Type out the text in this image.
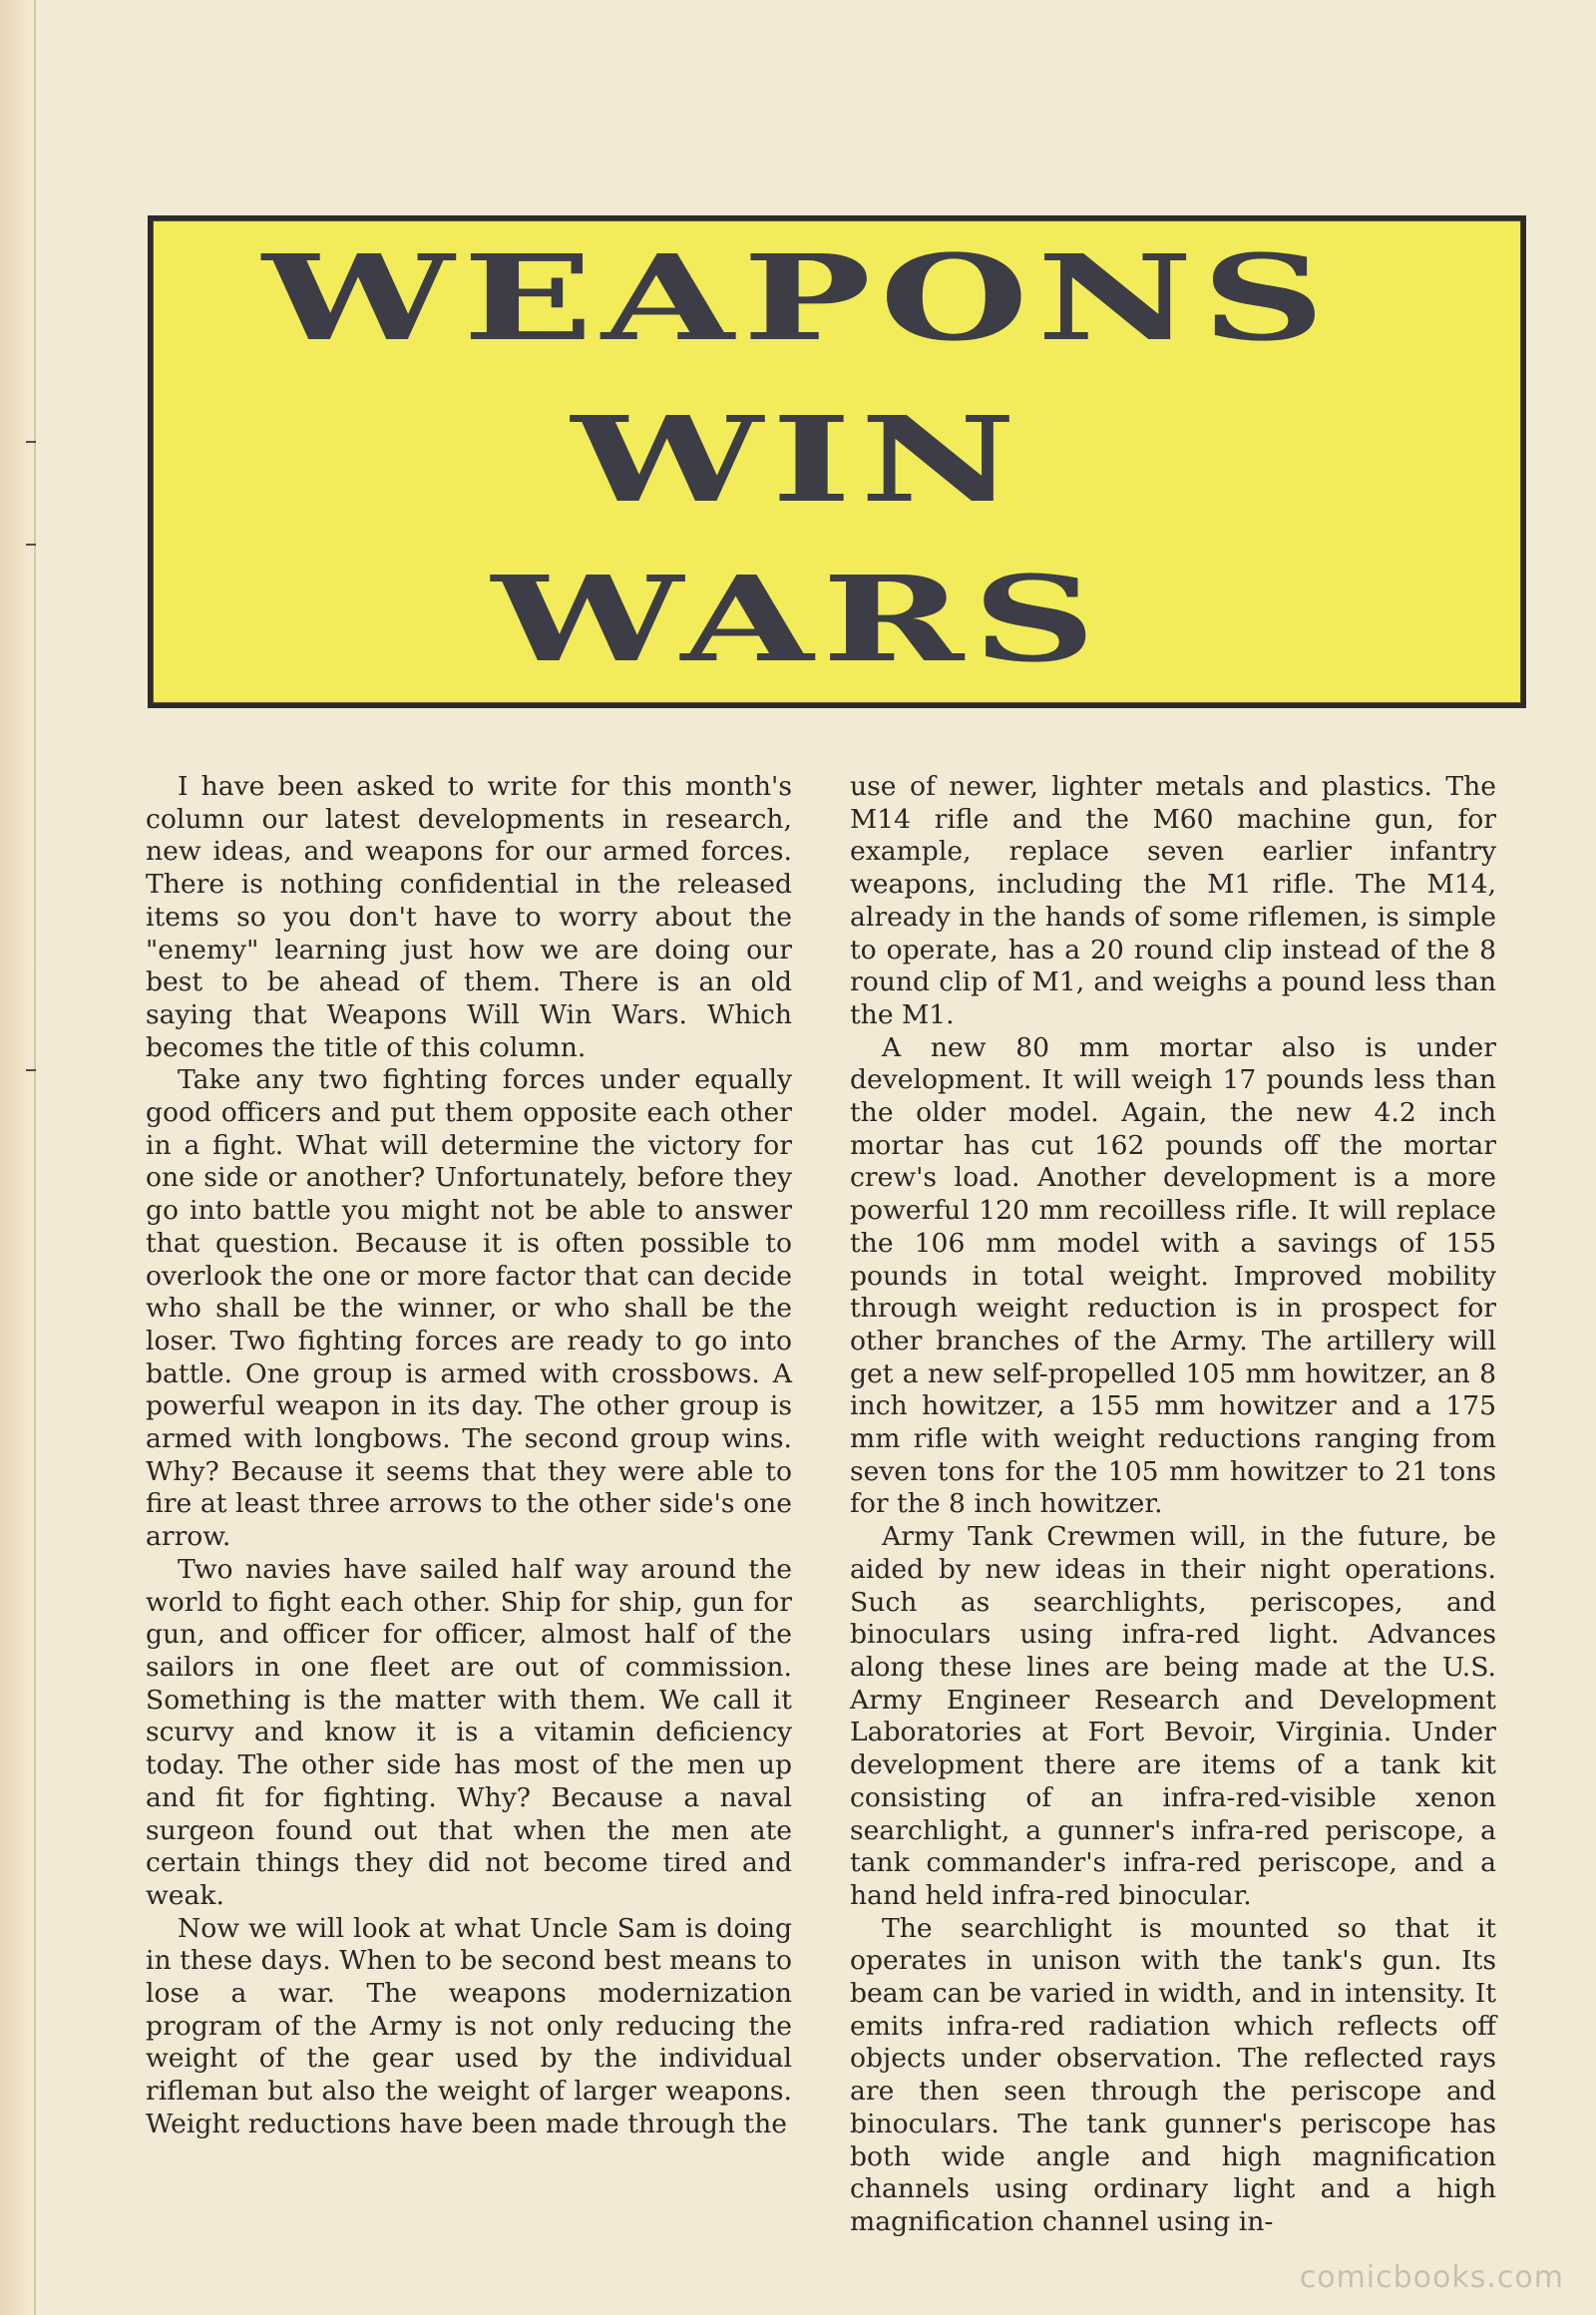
WEAPONS
WIN
WARS

I have been asked to write for this month's column our latest developments in research, new ideas, and weapons for our armed forces. There is nothing confidential in the released items so you don't have to worry about the "enemy" learning just how we are doing our best to be ahead of them. There is an old saying that Weapons Will Win Wars. Which becomes the title of this column.

Take any two fighting forces under equally good officers and put them opposite each other in a fight. What will determine the victory for one side or another? Unfortunately, before they go into battle you might not be able to answer that question. Because it is often possible to overlook the one or more factor that can decide who shall be the winner, or who shall be the loser. Two fighting forces are ready to go into battle. One group is armed with crossbows. A powerful weapon in its day. The other group is armed with longbows. The second group wins. Why? Because it seems that they were able to fire at least three arrows to the other side's one arrow.

Two navies have sailed half way around the world to fight each other. Ship for ship, gun for gun, and officer for officer, almost half of the sailors in one fleet are out of commission. Something is the matter with them. We call it scurvy and know it is a vitamin deficiency today. The other side has most of the men up and fit for fighting. Why? Because a naval surgeon found out that when the men ate certain things they did not become tired and weak.

Now we will look at what Uncle Sam is doing in these days. When to be second best means to lose a war. The weapons modernization program of the Army is not only reducing the weight of the gear used by the individual rifleman but also the weight of larger weapons. Weight reductions have been made through the

use of newer, lighter metals and plastics. The M14 rifle and the M60 machine gun, for example, replace seven earlier infantry weapons, including the M1 rifle. The M14, already in the hands of some riflemen, is simple to operate, has a 20 round clip instead of the 8 round clip of M1, and weighs a pound less than the M1.

A new 80 mm mortar also is under development. It will weigh 17 pounds less than the older model. Again, the new 4.2 inch mortar has cut 162 pounds off the mortar crew's load. Another development is a more powerful 120 mm recoilless rifle. It will replace the 106 mm model with a savings of 155 pounds in total weight. Improved mobility through weight reduction is in prospect for other branches of the Army. The artillery will get a new self-propelled 105 mm howitzer, an 8 inch howitzer, a 155 mm howitzer and a 175 mm rifle with weight reductions ranging from seven tons for the 105 mm howitzer to 21 tons for the 8 inch howitzer.

Army Tank Crewmen will, in the future, be aided by new ideas in their night operations. Such as searchlights, periscopes, and binoculars using infra-red light. Advances along these lines are being made at the U.S. Army Engineer Research and Development Laboratories at Fort Bevoir, Virginia. Under development there are items of a tank kit consisting of an infra-red-visible xenon searchlight, a gunner's infra-red periscope, a tank commander's infra-red periscope, and a hand held infra-red binocular.

The searchlight is mounted so that it operates in unison with the tank's gun. Its beam can be varied in width, and in intensity. It emits infra-red radiation which reflects off objects under observation. The reflected rays are then seen through the periscope and binoculars. The tank gunner's periscope has both wide angle and high magnification channels using ordinary light and a high magnification channel using in-

comicbooks.com
